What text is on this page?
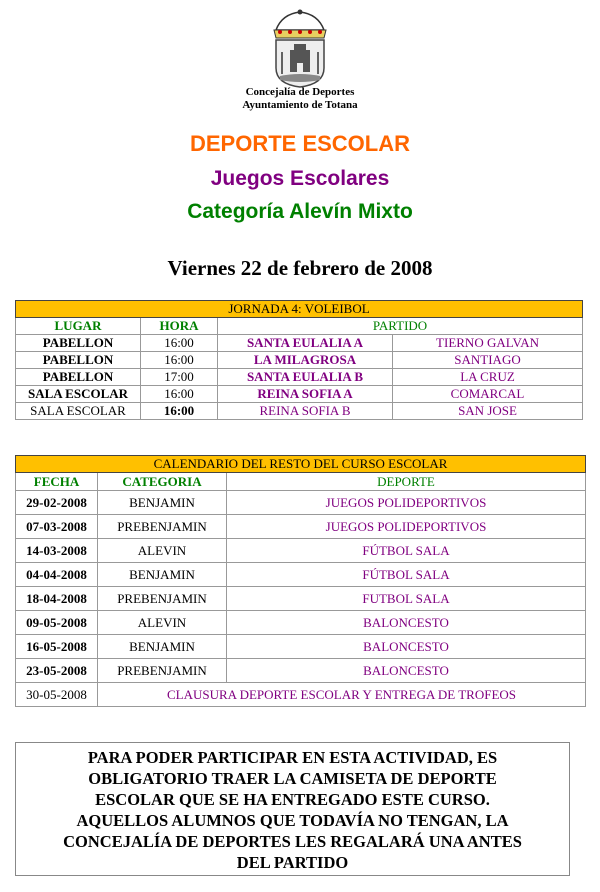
Concejalía de Deportes
Ayuntamiento de Totana
DEPORTE ESCOLAR
Juegos Escolares
Categoría Alevín Mixto
Viernes 22 de febrero de 2008
JORNADA 4: VOLEIBOL			
LUGAR	HORA	PARTIDO	
PABELLON	16:00	SANTA EULALIA A	TIERNO GALVAN
PABELLON	16:00	LA MILAGROSA	SANTIAGO
PABELLON	17:00	SANTA EULALIA B	LA CRUZ
SALA ESCOLAR	16:00	REINA SOFIA A	COMARCAL
SALA ESCOLAR	16:00	REINA SOFIA B	SAN JOSE
CALENDARIO DEL RESTO DEL CURSO ESCOLAR		
FECHA	CATEGORIA	DEPORTE
29-02-2008	BENJAMIN	JUEGOS POLIDEPORTIVOS
07-03-2008	PREBENJAMIN	JUEGOS POLIDEPORTIVOS
14-03-2008	ALEVIN	FÚTBOL SALA
04-04-2008	BENJAMIN	FÚTBOL SALA
18-04-2008	PREBENJAMIN	FUTBOL SALA
09-05-2008	ALEVIN	BALONCESTO
16-05-2008	BENJAMIN	BALONCESTO
23-05-2008	PREBENJAMIN	BALONCESTO
30-05-2008	CLAUSURA DEPORTE ESCOLAR Y ENTREGA DE TROFEOS	
PARA PODER PARTICIPAR EN ESTA ACTIVIDAD, ES
OBLIGATORIO TRAER LA CAMISETA DE DEPORTE
ESCOLAR QUE SE HA ENTREGADO ESTE CURSO.
AQUELLOS ALUMNOS QUE TODAVÍA NO TENGAN, LA
CONCEJALÍA DE DEPORTES LES REGALARÁ UNA ANTES
DEL PARTIDO
